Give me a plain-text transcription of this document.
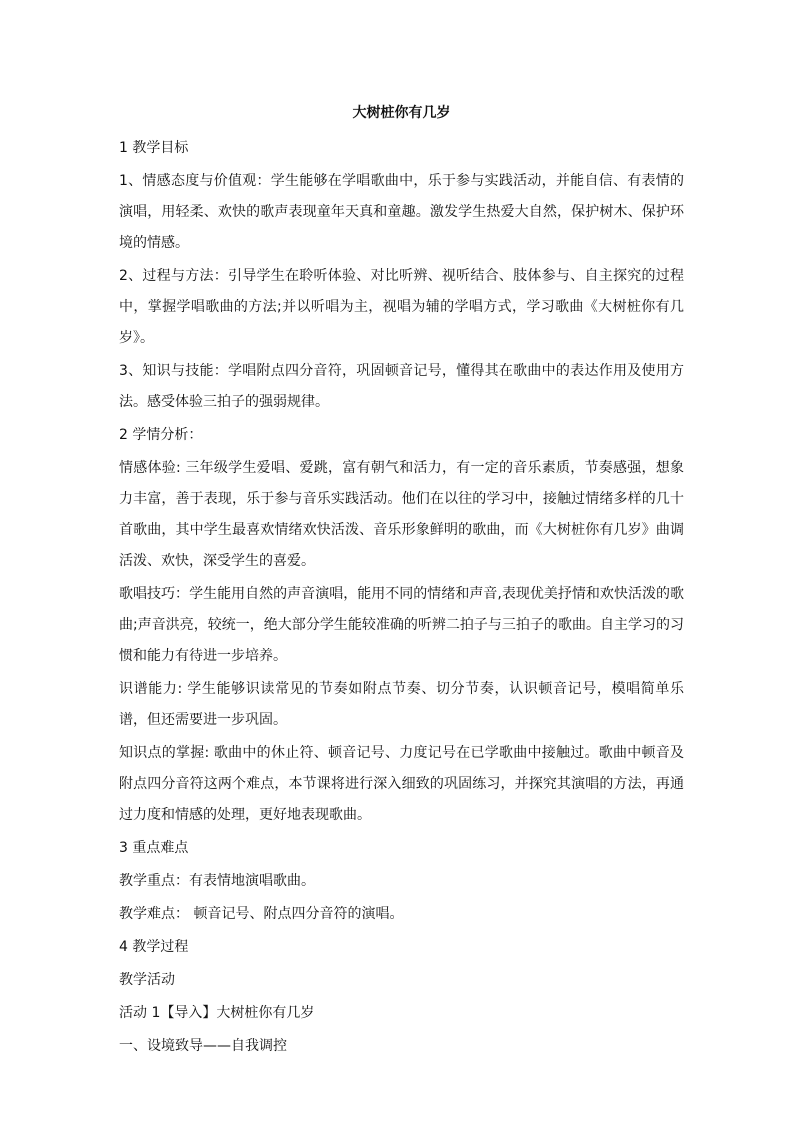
大树桩你有几岁

1 教学目标

1、情感态度与价值观：学生能够在学唱歌曲中，乐于参与实践活动，并能自信、有表情的演唱，用轻柔、欢快的歌声表现童年天真和童趣。激发学生热爱大自然，保护树木、保护环境的情感。

2、过程与方法：引导学生在聆听体验、对比听辨、视听结合、肢体参与、自主探究的过程中，掌握学唱歌曲的方法;并以听唱为主，视唱为辅的学唱方式，学习歌曲《大树桩你有几岁》。

3、知识与技能：学唱附点四分音符，巩固顿音记号，懂得其在歌曲中的表达作用及使用方法。感受体验三拍子的强弱规律。

2 学情分析：

情感体验: 三年级学生爱唱、爱跳，富有朝气和活力，有一定的音乐素质，节奏感强，想象力丰富，善于表现，乐于参与音乐实践活动。他们在以往的学习中，接触过情绪多样的几十首歌曲，其中学生最喜欢情绪欢快活泼、音乐形象鲜明的歌曲，而《大树桩你有几岁》曲调活泼、欢快，深受学生的喜爱。

歌唱技巧：学生能用自然的声音演唱，能用不同的情绪和声音,表现优美抒情和欢快活泼的歌曲;声音洪亮，较统一，绝大部分学生能较准确的听辨二拍子与三拍子的歌曲。自主学习的习惯和能力有待进一步培养。

识谱能力: 学生能够识读常见的节奏如附点节奏、切分节奏，认识顿音记号，模唱简单乐谱，但还需要进一步巩固。

知识点的掌握: 歌曲中的休止符、顿音记号、力度记号在已学歌曲中接触过。歌曲中顿音及附点四分音符这两个难点，本节课将进行深入细致的巩固练习，并探究其演唱的方法，再通过力度和情感的处理，更好地表现歌曲。

3 重点难点

教学重点：有表情地演唱歌曲。

教学难点： 顿音记号、附点四分音符的演唱。

4 教学过程

教学活动

活动 1【导入】大树桩你有几岁

一、设境致导——自我调控
